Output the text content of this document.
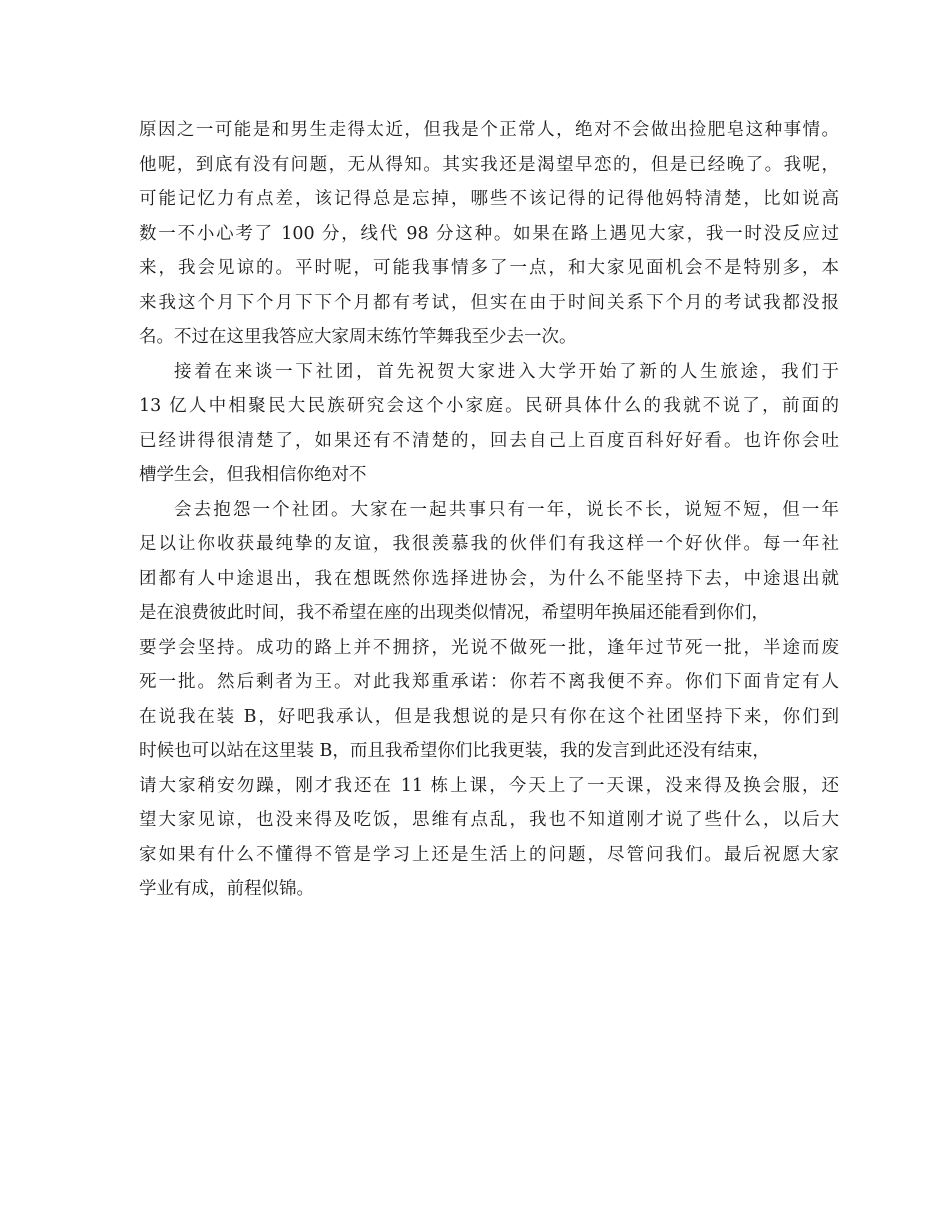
原因之一可能是和男生走得太近，但我是个正常人，绝对不会做出捡肥皂这种事情。
他呢，到底有没有问题，无从得知。其实我还是渴望早恋的，但是已经晚了。我呢，
可能记忆力有点差，该记得总是忘掉，哪些不该记得的记得他妈特清楚，比如说高
数一不小心考了 100 分，线代 98 分这种。如果在路上遇见大家，我一时没反应过
来，我会见谅的。平时呢，可能我事情多了一点，和大家见面机会不是特别多，本
来我这个月下个月下下个月都有考试，但实在由于时间关系下个月的考试我都没报
名。不过在这里我答应大家周末练竹竿舞我至少去一次。
接着在来谈一下社团，首先祝贺大家进入大学开始了新的人生旅途，我们于
13 亿人中相聚民大民族研究会这个小家庭。民研具体什么的我就不说了，前面的
已经讲得很清楚了，如果还有不清楚的，回去自己上百度百科好好看。也许你会吐
槽学生会，但我相信你绝对不
会去抱怨一个社团。大家在一起共事只有一年，说长不长，说短不短，但一年
足以让你收获最纯挚的友谊，我很羡慕我的伙伴们有我这样一个好伙伴。每一年社
团都有人中途退出，我在想既然你选择进协会，为什么不能坚持下去，中途退出就
是在浪费彼此时间，我不希望在座的出现类似情况，希望明年换届还能看到你们，
要学会坚持。成功的路上并不拥挤，光说不做死一批，逢年过节死一批，半途而废
死一批。然后剩者为王。对此我郑重承诺：你若不离我便不弃。你们下面肯定有人
在说我在装 B，好吧我承认，但是我想说的是只有你在这个社团坚持下来，你们到
时候也可以站在这里装 B，而且我希望你们比我更装，我的发言到此还没有结束，
请大家稍安勿躁，刚才我还在 11 栋上课，今天上了一天课，没来得及换会服，还
望大家见谅，也没来得及吃饭，思维有点乱，我也不知道刚才说了些什么，以后大
家如果有什么不懂得不管是学习上还是生活上的问题，尽管问我们。最后祝愿大家
学业有成，前程似锦。
